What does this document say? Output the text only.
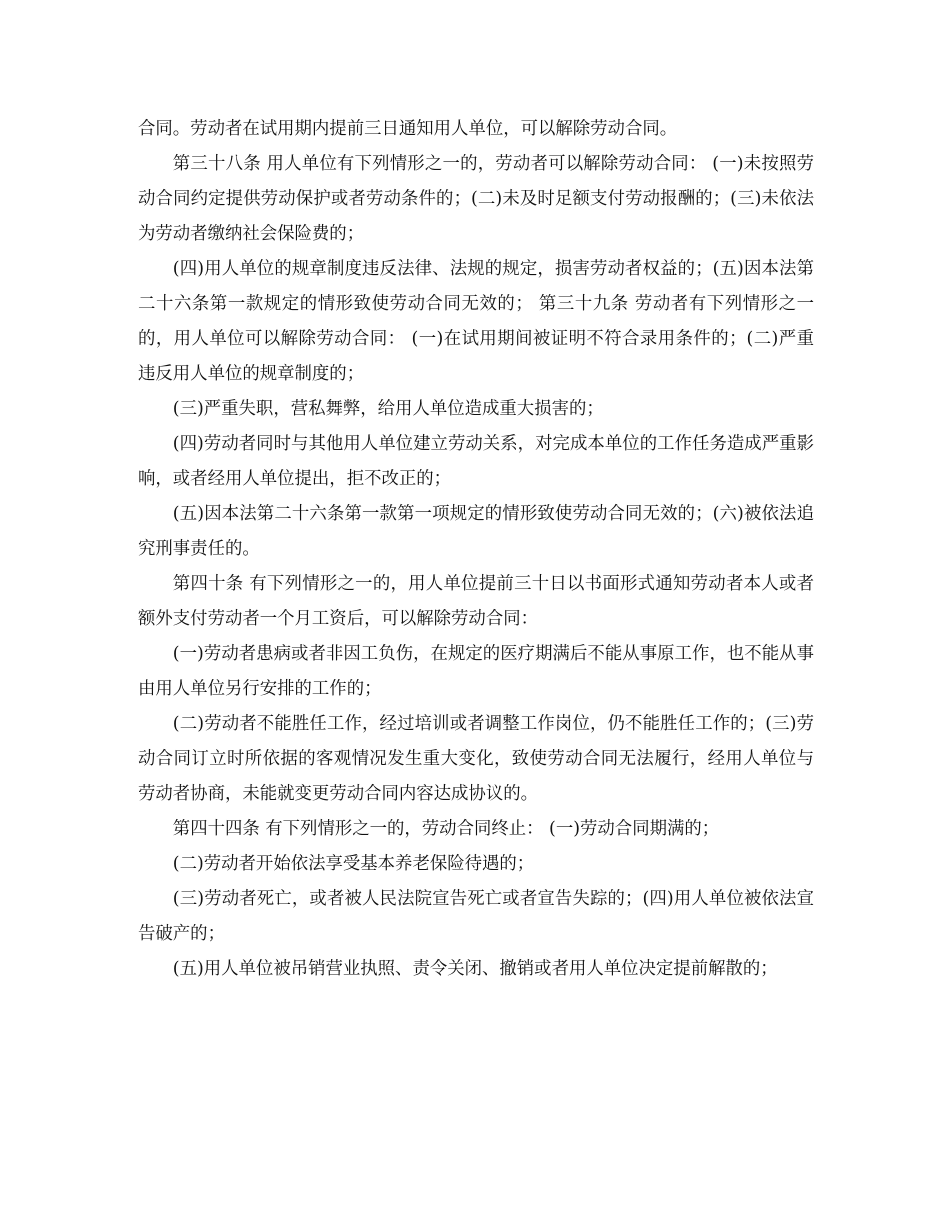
合同。劳动者在试用期内提前三日通知用人单位，可以解除劳动合同。

第三十八条 用人单位有下列情形之一的，劳动者可以解除劳动合同： (一)未按照劳动合同约定提供劳动保护或者劳动条件的；(二)未及时足额支付劳动报酬的；(三)未依法为劳动者缴纳社会保险费的；

(四)用人单位的规章制度违反法律、法规的规定，损害劳动者权益的；(五)因本法第二十六条第一款规定的情形致使劳动合同无效的； 第三十九条 劳动者有下列情形之一的，用人单位可以解除劳动合同： (一)在试用期间被证明不符合录用条件的；(二)严重违反用人单位的规章制度的；

(三)严重失职，营私舞弊，给用人单位造成重大损害的；

(四)劳动者同时与其他用人单位建立劳动关系，对完成本单位的工作任务造成严重影响，或者经用人单位提出，拒不改正的；

(五)因本法第二十六条第一款第一项规定的情形致使劳动合同无效的；(六)被依法追究刑事责任的。

第四十条 有下列情形之一的，用人单位提前三十日以书面形式通知劳动者本人或者额外支付劳动者一个月工资后，可以解除劳动合同：

(一)劳动者患病或者非因工负伤，在规定的医疗期满后不能从事原工作，也不能从事由用人单位另行安排的工作的；

(二)劳动者不能胜任工作，经过培训或者调整工作岗位，仍不能胜任工作的；(三)劳动合同订立时所依据的客观情况发生重大变化，致使劳动合同无法履行，经用人单位与劳动者协商，未能就变更劳动合同内容达成协议的。

第四十四条 有下列情形之一的，劳动合同终止： (一)劳动合同期满的；

(二)劳动者开始依法享受基本养老保险待遇的；

(三)劳动者死亡，或者被人民法院宣告死亡或者宣告失踪的；(四)用人单位被依法宣告破产的；

(五)用人单位被吊销营业执照、责令关闭、撤销或者用人单位决定提前解散的；
